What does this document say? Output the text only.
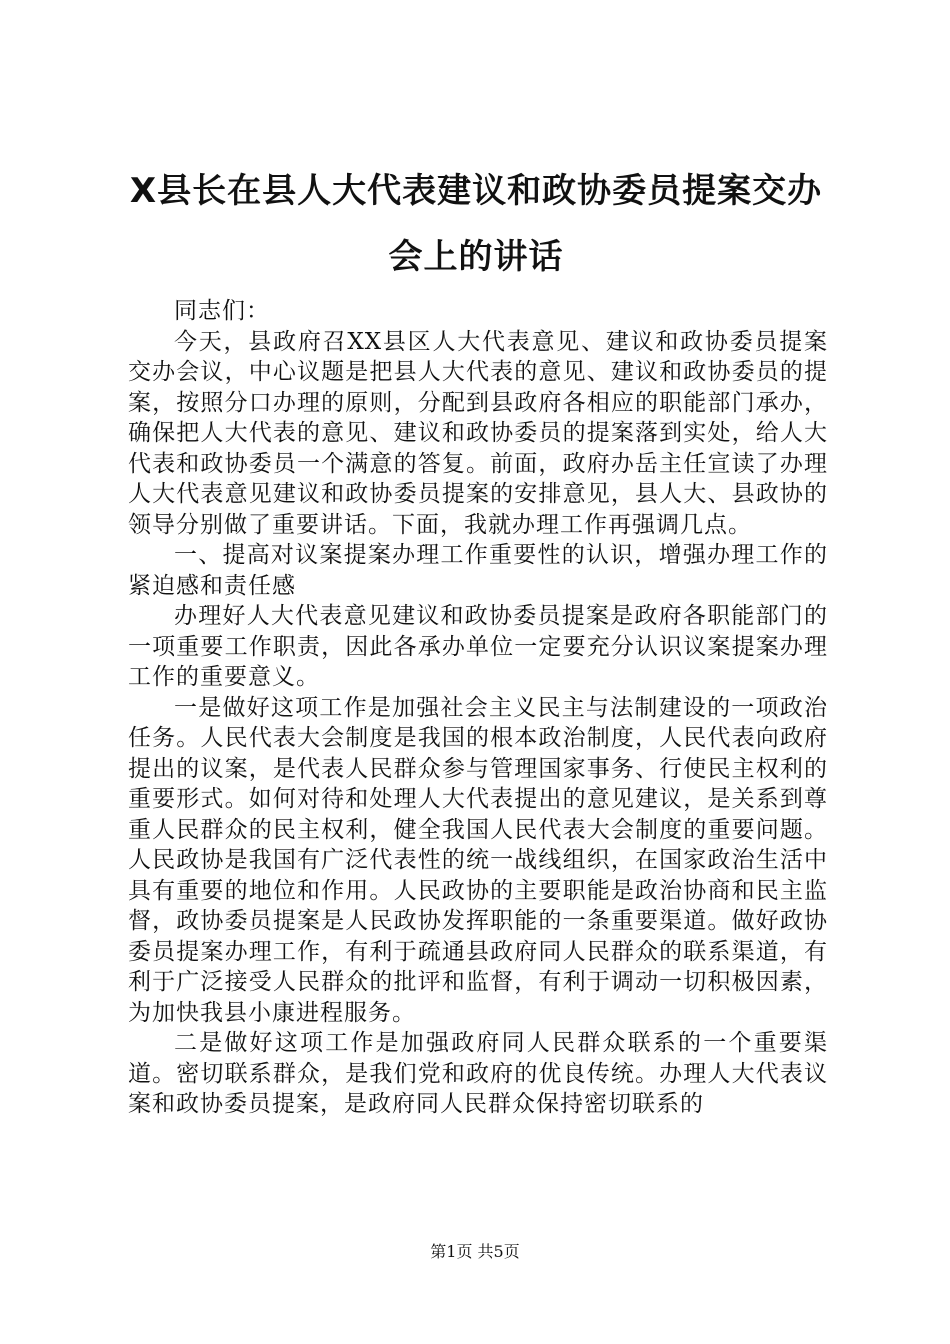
X县长在县人大代表建议和政协委员提案交办
会上的讲话

同志们：

今天，县政府召XX县区人大代表意见、建议和政协委员提案交办会议，中心议题是把县人大代表的意见、建议和政协委员的提案，按照分口办理的原则，分配到县政府各相应的职能部门承办，确保把人大代表的意见、建议和政协委员的提案落到实处，给人大代表和政协委员一个满意的答复。前面，政府办岳主任宣读了办理人大代表意见建议和政协委员提案的安排意见，县人大、县政协的领导分别做了重要讲话。下面，我就办理工作再强调几点。

一、提高对议案提案办理工作重要性的认识，增强办理工作的紧迫感和责任感

办理好人大代表意见建议和政协委员提案是政府各职能部门的一项重要工作职责，因此各承办单位一定要充分认识议案提案办理工作的重要意义。

一是做好这项工作是加强社会主义民主与法制建设的一项政治任务。人民代表大会制度是我国的根本政治制度，人民代表向政府提出的议案，是代表人民群众参与管理国家事务、行使民主权利的重要形式。如何对待和处理人大代表提出的意见建议，是关系到尊重人民群众的民主权利，健全我国人民代表大会制度的重要问题。人民政协是我国有广泛代表性的统一战线组织，在国家政治生活中具有重要的地位和作用。人民政协的主要职能是政治协商和民主监督，政协委员提案是人民政协发挥职能的一条重要渠道。做好政协委员提案办理工作，有利于疏通县政府同人民群众的联系渠道，有利于广泛接受人民群众的批评和监督，有利于调动一切积极因素，为加快我县小康进程服务。

二是做好这项工作是加强政府同人民群众联系的一个重要渠道。密切联系群众，是我们党和政府的优良传统。办理人大代表议案和政协委员提案，是政府同人民群众保持密切联系的

第1页 共5页
